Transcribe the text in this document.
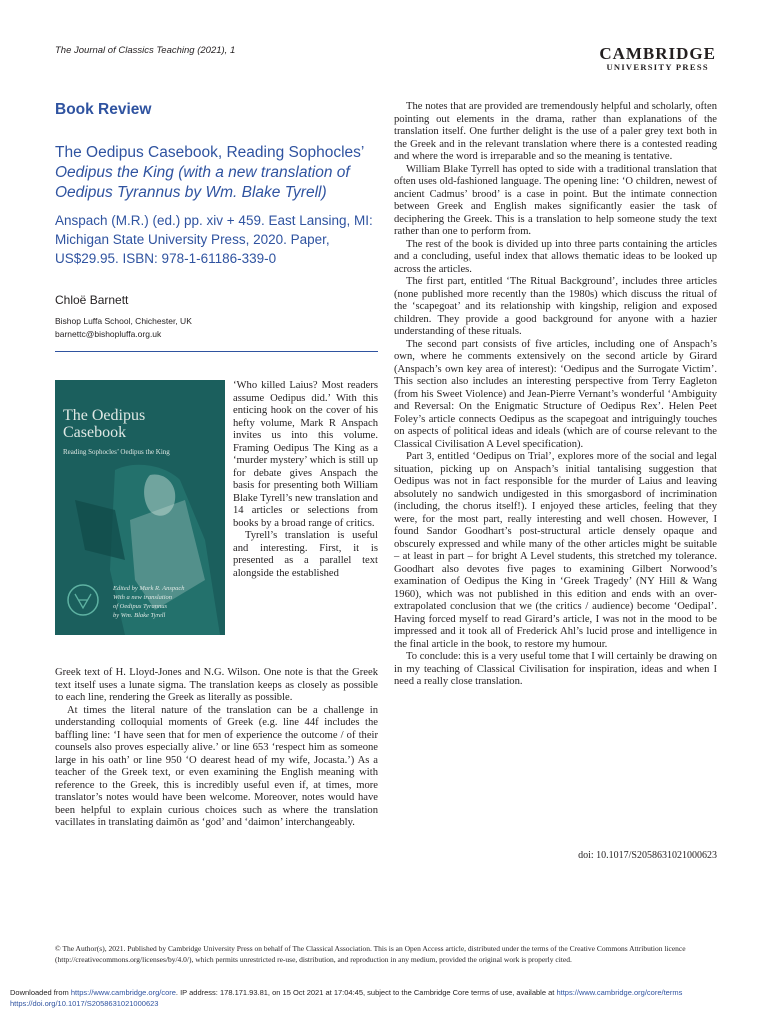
The Journal of Classics Teaching (2021), 1	CAMBRIDGE
UNIVERSITY PRESS
Book Review
The Oedipus Casebook, Reading Sophocles’
Oedipus the King (with a new translation of Oedipus Tyrannus by Wm. Blake Tyrell)
Anspach (M.R.) (ed.) pp. xiv + 459. East Lansing, MI: Michigan State University Press, 2020. Paper, US$29.95. ISBN: 978-1-61186-339-0
Chloë Barnett
Bishop Luffa School, Chichester, UK
barnettc@bishopluffa.org.uk
The Oedipus
Casebook
Reading Sophocles’ Oedipus the King
Edited by Mark R. Anspach
With a new translation
of Oedipus Tyrannus
by Wm. Blake Tyrell

‘Who killed Laius? Most readers assume Oedipus did.’ With this enticing hook on the cover of his hefty volume, Mark R Anspach invites us into this volume. Framing Oedipus The King as a ‘murder mystery’ which is still up for debate gives Anspach the basis for presenting both William Blake Tyrell’s new translation and 14 articles or selections from books by a broad range of critics.

Tyrell’s translation is useful and interesting. First, it is presented as a parallel text alongside the established

Greek text of H. Lloyd-Jones and N.G. Wilson. One note is that the Greek text itself uses a lunate sigma. The translation keeps as closely as possible to each line, rendering the Greek as literally as possible.

At times the literal nature of the translation can be a challenge in understanding colloquial moments of Greek (e.g. line 44f includes the baffling line: ‘I have seen that for men of experience the outcome / of their counsels also proves especially alive.’ or line 653 ‘respect him as someone large in his oath’ or line 950 ‘O dearest head of my wife, Jocasta.’) As a teacher of the Greek text, or even examining the English meaning with reference to the Greek, this is incredibly useful even if, at times, more translator’s notes would have been welcome. Moreover, notes would have been helpful to explain curious choices such as where the translation vacillates in translating daimōn as ‘god’ and ‘daimon’ interchangeably.

The notes that are provided are tremendously helpful and scholarly, often pointing out elements in the drama, rather than explanations of the translation itself. One further delight is the use of a paler grey text both in the Greek and in the relevant translation where there is a contested reading and where the word is irreparable and so the meaning is tentative.

William Blake Tyrrell has opted to side with a traditional translation that often uses old-fashioned language. The opening line: ‘O children, newest of ancient Cadmus’ brood’ is a case in point. But the intimate connection between Greek and English makes significantly easier the task of deciphering the Greek. This is a translation to help someone study the text rather than one to perform from.

The rest of the book is divided up into three parts containing the articles and a concluding, useful index that allows thematic ideas to be looked up across the articles.

The first part, entitled ‘The Ritual Background’, includes three articles (none published more recently than the 1980s) which discuss the ritual of the ‘scapegoat’ and its relationship with kingship, religion and exposed children. They provide a good background for anyone with a hazier understanding of these rituals.

The second part consists of five articles, including one of Anspach’s own, where he comments extensively on the second article by Girard (Anspach’s own key area of interest): ‘Oedipus and the Surrogate Victim’. This section also includes an interesting perspective from Terry Eagleton (from his Sweet Violence) and Jean-Pierre Vernant’s wonderful ‘Ambiguity and Reversal: On the Enigmatic Structure of Oedipus Rex’. Helen Peet Foley’s article connects Oedipus as the scapegoat and intriguingly touches on aspects of political ideas and ideals (which are of course relevant to the Classical Civilisation A Level specification).

Part 3, entitled ‘Oedipus on Trial’, explores more of the social and legal situation, picking up on Anspach’s initial tantalising suggestion that Oedipus was not in fact responsible for the murder of Laius and leaving absolutely no sandwich undigested in this smorgasbord of incrimination (including, the chorus itself!). I enjoyed these articles, feeling that they were, for the most part, really interesting and well chosen. However, I found Sandor Goodhart’s post-structural article densely opaque and obscurely expressed and while many of the other articles might be suitable – at least in part – for bright A Level students, this stretched my tolerance. Goodhart also devotes five pages to examining Gilbert Norwood’s examination of Oedipus the King in ‘Greek Tragedy’ (NY Hill & Wang 1960), which was not published in this edition and ends with an over-extrapolated conclusion that we (the critics / audience) become ‘Oedipal’. Having forced myself to read Girard’s article, I was not in the mood to be impressed and it took all of Frederick Ahl’s lucid prose and intelligence in the final article in the book, to restore my humour.

To conclude: this is a very useful tome that I will certainly be drawing on in my teaching of Classical Civilisation for inspiration, ideas and when I need a really close translation.

doi: 10.1017/S2058631021000623
© The Author(s), 2021. Published by Cambridge University Press on behalf of The Classical Association. This is an Open Access article, distributed under the terms of the Creative Commons Attribution licence (http://creativecommons.org/licenses/by/4.0/), which permits unrestricted re-use, distribution, and reproduction in any medium, provided the original work is properly cited.
Downloaded from https://www.cambridge.org/core. IP address: 178.171.93.81, on 15 Oct 2021 at 17:04:45, subject to the Cambridge Core terms of use, available at https://www.cambridge.org/core/terms
https://doi.org/10.1017/S2058631021000623
